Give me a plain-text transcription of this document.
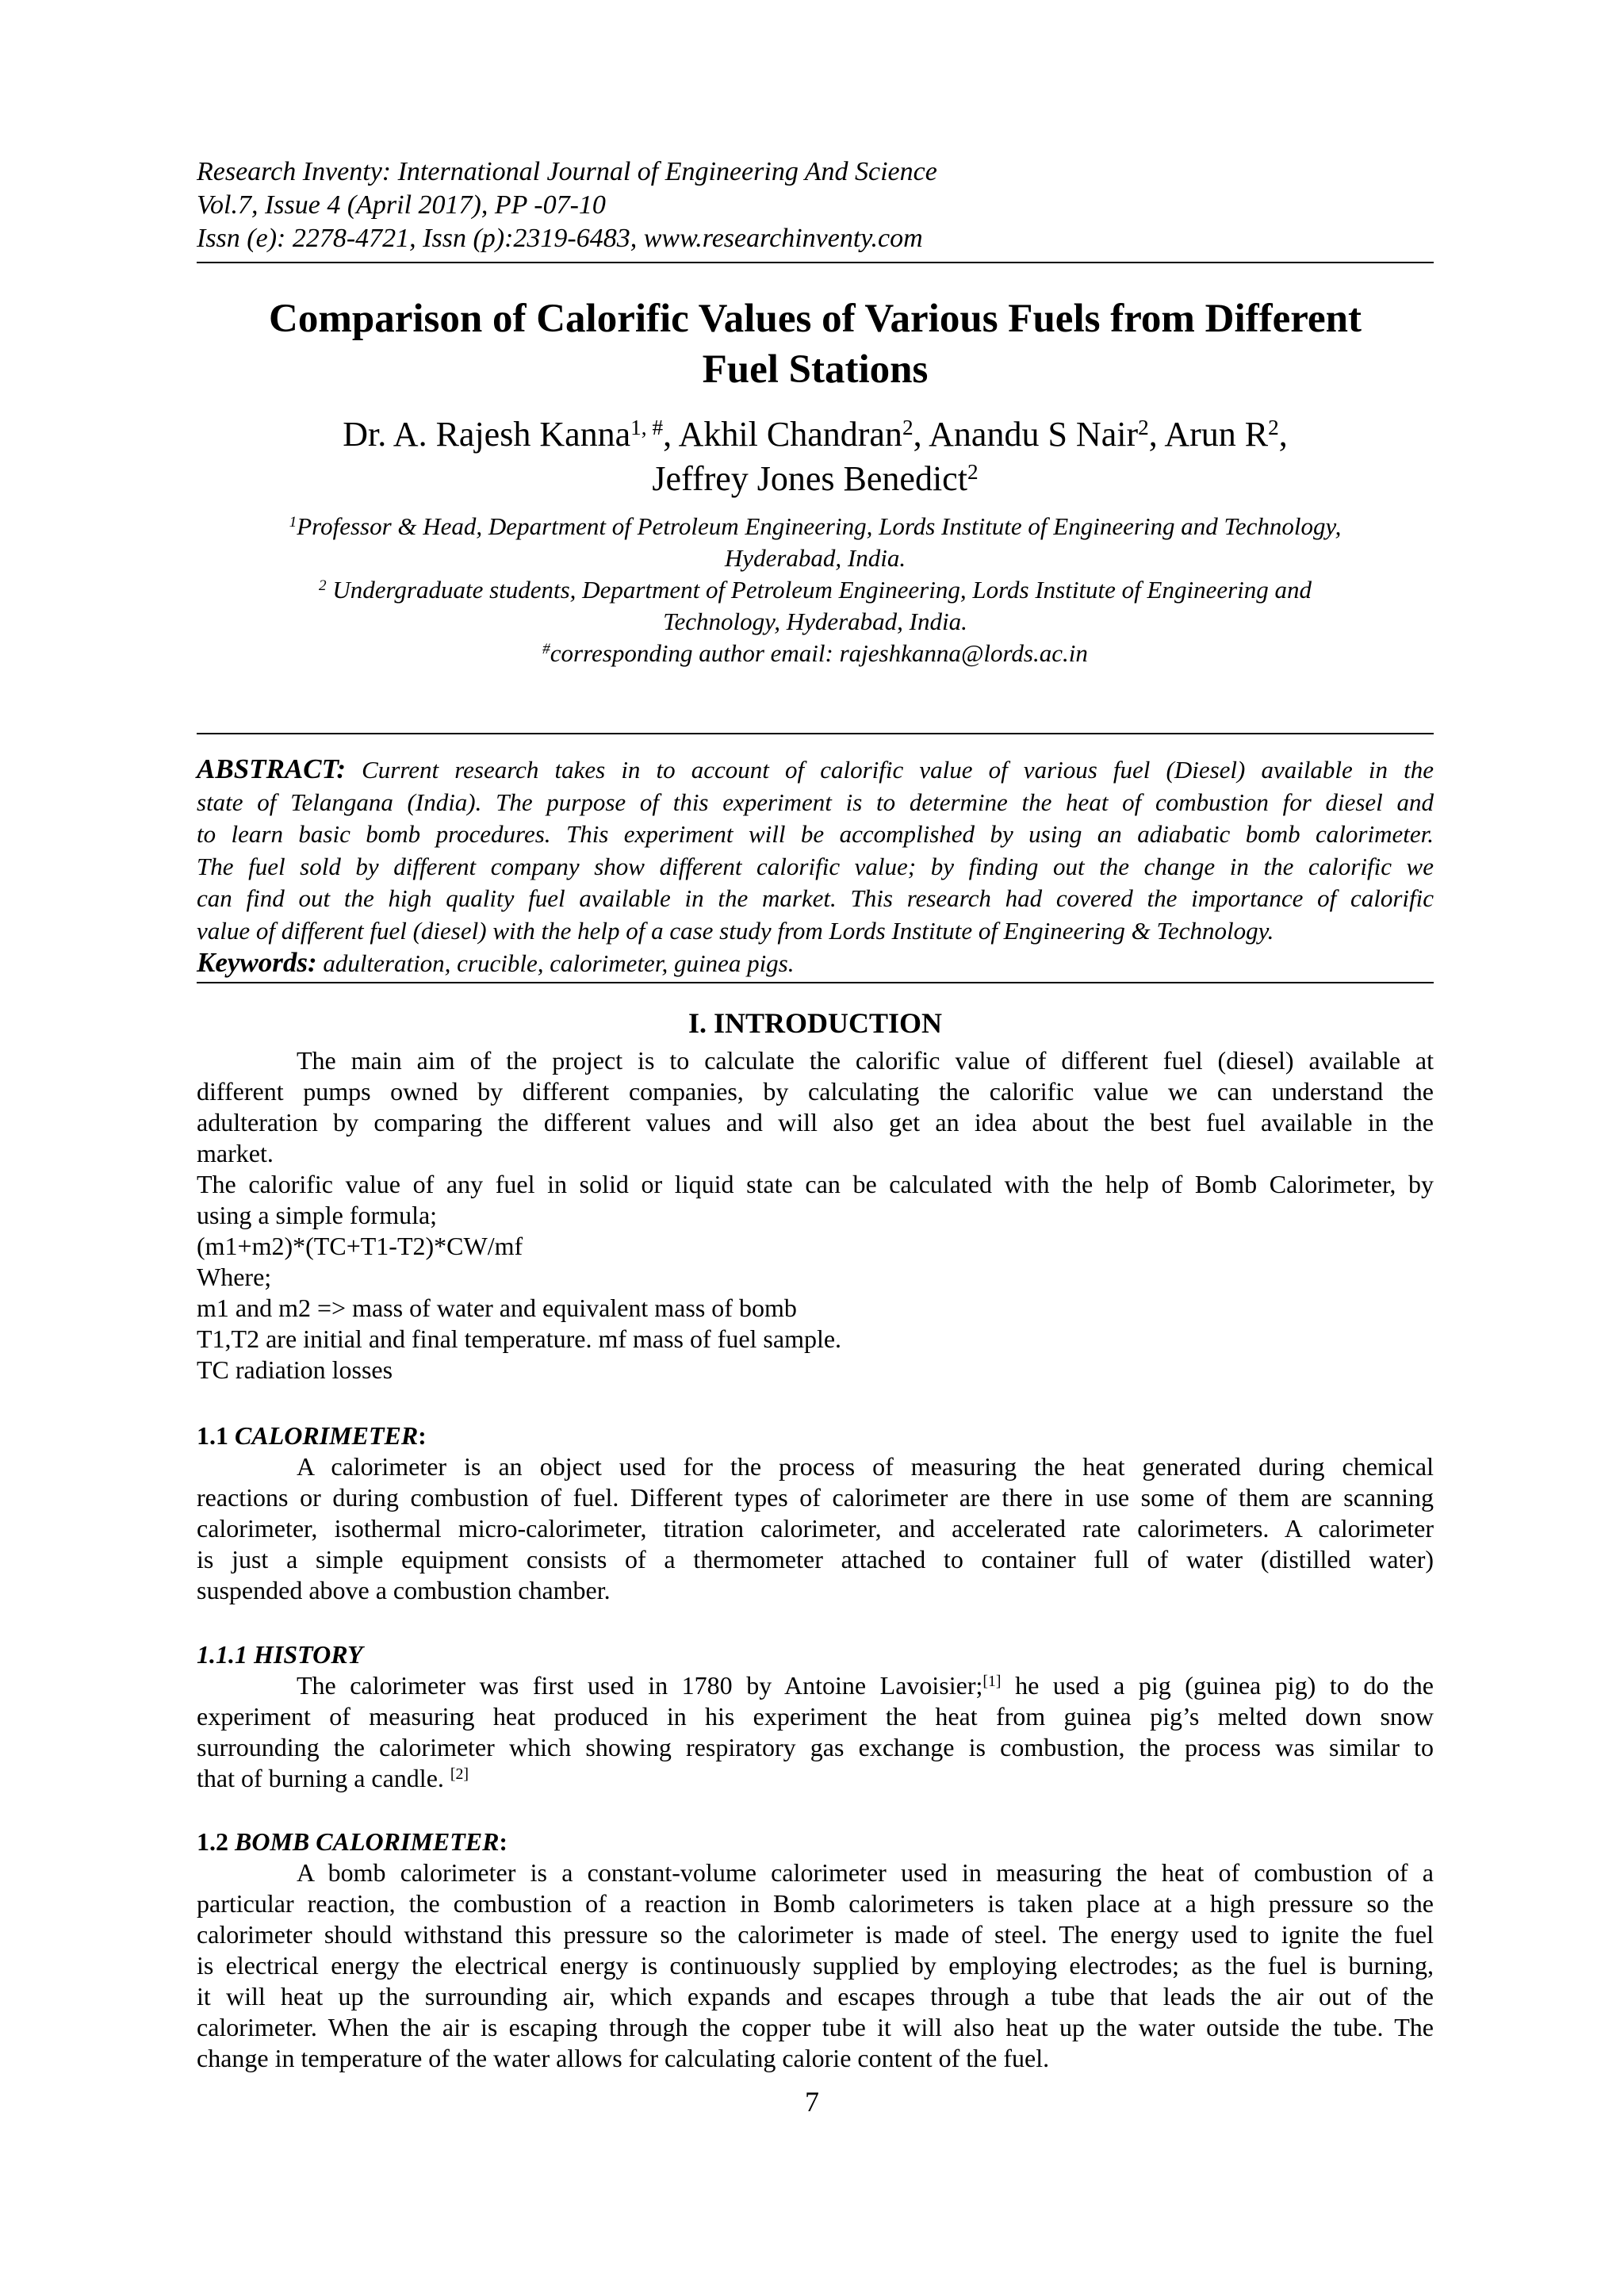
Research Inventy: International Journal of Engineering And Science
Vol.7, Issue 4 (April 2017), PP -07-10
Issn (e): 2278-4721, Issn (p):2319-6483, www.researchinventy.com
Comparison of Calorific Values of Various Fuels from Different
Fuel Stations
Dr. A. Rajesh Kanna$^{1, \#}$, Akhil Chandran$^2$, Anandu S Nair$^2$, Arun $R^2$,
Jeffrey Jones Benedict$^2$
$^1$Professor & Head, Department of Petroleum Engineering, Lords Institute of Engineering and Technology,
Hyderabad, India.
$^2$ Undergraduate students, Department of Petroleum Engineering, Lords Institute of Engineering and
Technology, Hyderabad, India.
#corresponding author email: rajeshkanna@lords.ac.in
ABSTRACT: Current research takes in to account of calorific value of various fuel (Diesel) available in the
state of Telangana (India). The purpose of this experiment is to determine the heat of combustion for diesel and
to learn basic bomb procedures. This experiment will be accomplished by using an adiabatic bomb calorimeter.
The fuel sold by different company show different calorific value; by finding out the change in the calorific we
can find out the high quality fuel available in the market. This research had covered the importance of calorific
value of different fuel (diesel) with the help of a case study from Lords Institute of Engineering & Technology.
Keywords: adulteration, crucible, calorimeter, guinea pigs.
I. INTRODUCTION
The main aim of the project is to calculate the calorific value of different fuel (diesel) available at
different pumps owned by different companies, by calculating the calorific value we can understand the
adulteration by comparing the different values and will also get an idea about the best fuel available in the
market.
The calorific value of any fuel in solid or liquid state can be calculated with the help of Bomb Calorimeter, by
using a simple formula;
(m1+m2)*(TC+T1-T2)*CW/mf
Where;
m1 and m2 => mass of water and equivalent mass of bomb
T1,T2 are initial and final temperature. mf mass of fuel sample.
TC radiation losses
1.1 CALORIMETER:
A calorimeter is an object used for the process of measuring the heat generated during chemical
reactions or during combustion of fuel. Different types of calorimeter are there in use some of them are scanning
calorimeter, isothermal micro-calorimeter, titration calorimeter, and accelerated rate calorimeters. A calorimeter
is just a simple equipment consists of a thermometer attached to container full of water (distilled water)
suspended above a combustion chamber.
1.1.1 HISTORY
The calorimeter was first used in 1780 by Antoine Lavoisier;[1] he used a pig (guinea pig) to do the
experiment of measuring heat produced in his experiment the heat from guinea pig’s melted down snow
surrounding the calorimeter which showing respiratory gas exchange is combustion, the process was similar to
that of burning a candle. [2]
1.2 BOMB CALORIMETER:
A bomb calorimeter is a constant-volume calorimeter used in measuring the heat of combustion of a
particular reaction, the combustion of a reaction in Bomb calorimeters is taken place at a high pressure so the
calorimeter should withstand this pressure so the calorimeter is made of steel. The energy used to ignite the fuel
is electrical energy the electrical energy is continuously supplied by employing electrodes; as the fuel is burning,
it will heat up the surrounding air, which expands and escapes through a tube that leads the air out of the
calorimeter. When the air is escaping through the copper tube it will also heat up the water outside the tube. The
change in temperature of the water allows for calculating calorie content of the fuel.
7
